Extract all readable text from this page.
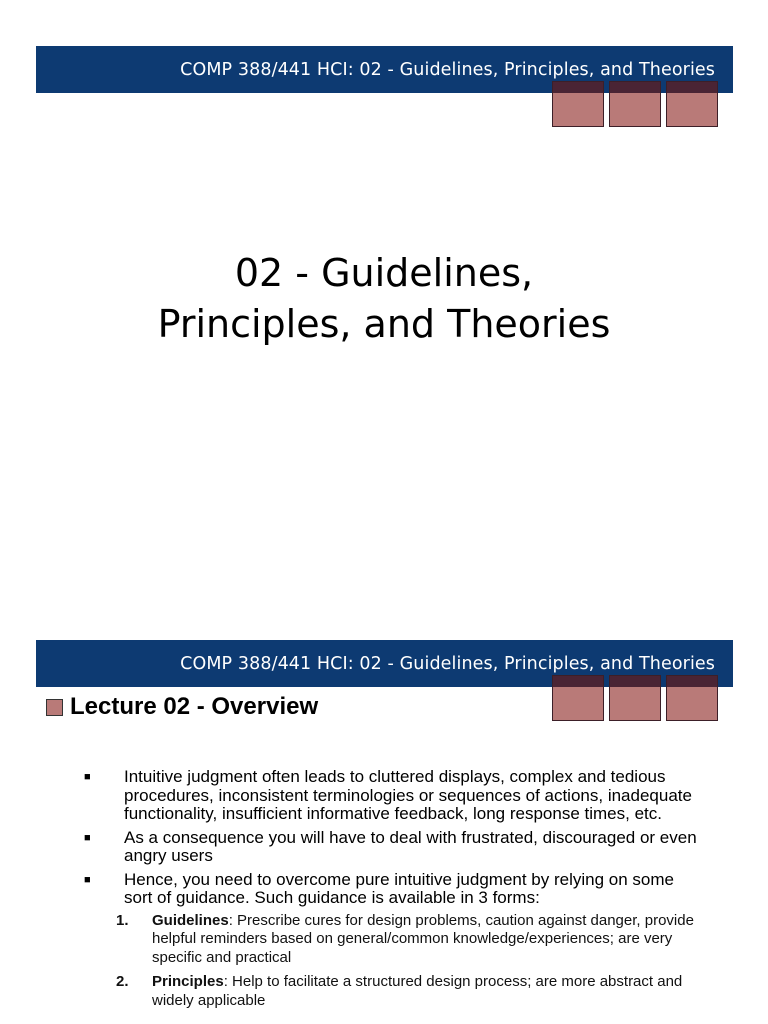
COMP 388/441 HCI: 02 - Guidelines, Principles, and Theories
02 - Guidelines,
Principles, and Theories
COMP 388/441 HCI: 02 - Guidelines, Principles, and Theories
Lecture 02 - Overview
■ Intuitive judgment often leads to cluttered displays, complex and tedious procedures, inconsistent terminologies or sequences of actions, inadequate functionality, insufficient informative feedback, long response times, etc.
■ As a consequence you will have to deal with frustrated, discouraged or even angry users
■ Hence, you need to overcome pure intuitive judgment by relying on some sort of guidance. Such guidance is available in 3 forms:
1. Guidelines: Prescribe cures for design problems, caution against danger, provide helpful reminders based on general/common knowledge/experiences; are very specific and practical
2. Principles: Help to facilitate a structured design process; are more abstract and widely applicable
